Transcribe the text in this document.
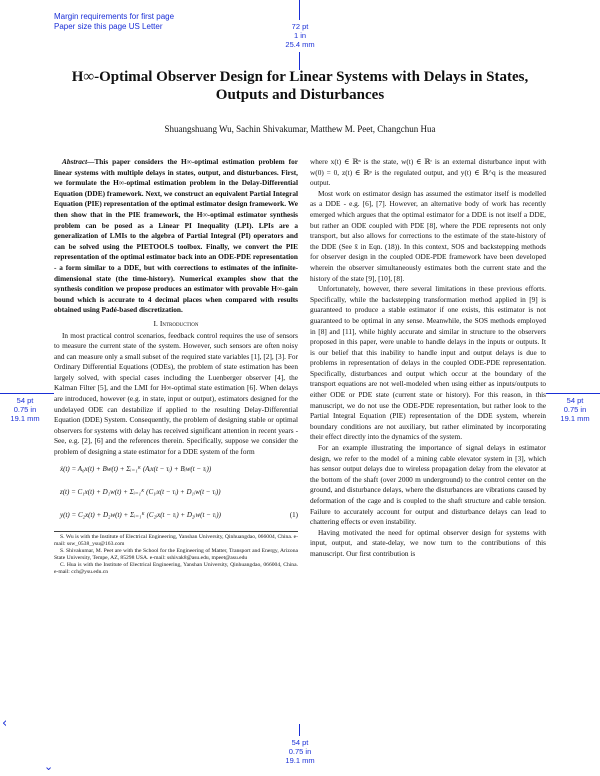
Margin requirements for first page
Paper size this page US Letter	72 pt
1 in
25.4 mm
54 pt
0.75 in
19.1 mm
54 pt
0.75 in
19.1 mm
54 pt
0.75 in
19.1 mm
‹
⌄
H∞-Optimal Observer Design for Linear Systems with Delays in States, Outputs and Disturbances
Shuangshuang Wu, Sachin Shivakumar, Matthew M. Peet, Changchun Hua

Abstract—This paper considers the H∞-optimal estimation problem for linear systems with multiple delays in states, output, and disturbances. First, we formulate the H∞-optimal estimation problem in the Delay-Differential Equation (DDE) framework. Next, we construct an equivalent Partial Integral Equation (PIE) representation of the optimal estimator design framework. We then show that in the PIE framework, the H∞-optimal estimator synthesis problem can be posed as a Linear PI Inequality (LPI). LPIs are a generalization of LMIs to the algebra of Partial Integral (PI) operators and can be solved using the PIETOOLS toolbox. Finally, we convert the PIE representation of the optimal estimator back into an ODE-PDE representation - a form similar to a DDE, but with corrections to estimates of the infinite-dimensional state (the time-history). Numerical examples show that the synthesis condition we propose produces an estimator with provable H∞-gain bound which is accurate to 4 decimal places when compared with results obtained using Padé-based discretization.

I. Introduction

In most practical control scenarios, feedback control requires the use of sensors to measure the current state of the system. However, such sensors are often noisy and can measure only a small subset of the required state variables [1], [2], [3]. For Ordinary Differential Equations (ODEs), the problem of state estimation has been largely solved, with special cases including the Luenberger observer [4], the Kalman Filter [5], and the LMI for H∞-optimal state estimation [6]. When delays are introduced, however (e.g. in state, input or output), estimators designed for the undelayed ODE can destabilize if applied to the resulting Delay-Differential Equation (DDE) System. Consequently, the problem of designing stable or optimal observers for systems with delay has received significant attention in recent years - See, e.g. [2], [6] and the references therein. Specifically, suppose we consider the problem of designing a state estimator for a DDE system of the form

ẋ(t) = A₀x(t) + Bw(t) + Σᵢ₌₁ᴷ (Aᵢx(t − τᵢ) + Bᵢw(t − τᵢ))
z(t) = C₁x(t) + D₁w(t) + Σᵢ₌₁ᴷ (C₁ᵢx(t − τᵢ) + D₁ᵢw(t − τᵢ))
y(t) = C₂x(t) + D₂w(t) + Σᵢ₌₁ᴷ (C₂ᵢx(t − τᵢ) + D₂ᵢw(t − τᵢ))	(1)
S. Wu is with the Institute of Electrical Engineering, Yanshan University, Qinhuangdao, 066004, China. e-mail: ssw_0538_ysu@163.com
S. Shivakumar, M. Peet are with the School for the Engineering of Matter, Transport and Energy, Arizona State University, Tempe, AZ, 85298 USA. e-mail: sshivak8@asu.edu, mpeet@asu.edu
C. Hua is with the Institute of Electrical Engineering, Yanshan University, Qinhuangdao, 066004, China. e-mail: cch@ysu.edu.cn

where x(t) ∈ ℝⁿ is the state, w(t) ∈ ℝʳ is an external disturbance input with w(0) = 0, z(t) ∈ ℝᵖ is the regulated output, and y(t) ∈ ℝ^q is the measured output.

Most work on estimator design has assumed the estimator itself is modelled as a DDE - e.g. [6], [7]. However, an alternative body of work has recently emerged which argues that the optimal estimator for a DDE is not itself a DDE, but rather an ODE coupled with PDE [8], where the PDE represents not only transport, but also allows for corrections to the estimate of the state-history of the DDE (See x̂ in Eqn. (18)). In this context, SOS and backstepping methods for observer design in the coupled ODE-PDE framework have been developed wherein the observer simultaneously estimates both the current state and the history of the state [9], [10], [8].

Unfortunately, however, there several limitations in these previous efforts. Specifically, while the backstepping transformation method applied in [9] is guaranteed to produce a stable estimator if one exists, this estimator is not guaranteed to be optimal in any sense. Meanwhile, the SOS methods employed in [8] and [11], while highly accurate and similar in structure to the observers proposed in this paper, were unable to handle delays in the inputs or outputs. It is our belief that this inability to handle input and output delays is due to problems in representation of delays in the coupled ODE-PDE representation. Specifically, disturbances and output which occur at the boundary of the transport equations are not well-modeled when using either as inputs/outputs to either ODE or PDE state (current state or history). For this reason, in this manuscript, we do not use the ODE-PDE representation, but rather look to the Partial Integral Equation (PIE) representation of the DDE system, wherein boundary conditions are not auxiliary, but rather eliminated by incorporating their effect directly into the dynamics of the system.

For an example illustrating the importance of signal delays in estimator design, we refer to the model of a mining cable elevator system in [3], which has sensor output delays due to wireless propagation delay from the elevator at the bottom of the shaft (over 2000 m underground) to the control center on the ground, and disturbance delays, where the disturbances are vibrations caused by deformation of the cage and is coupled to the shaft structure and cable tension. Failure to accurately account for output and disturbance delays can lead to chattering effects or even instability.

Having motivated the need for optimal observer design for systems with input, output, and state-delay, we now turn to the contributions of this manuscript. Our first contribution is
